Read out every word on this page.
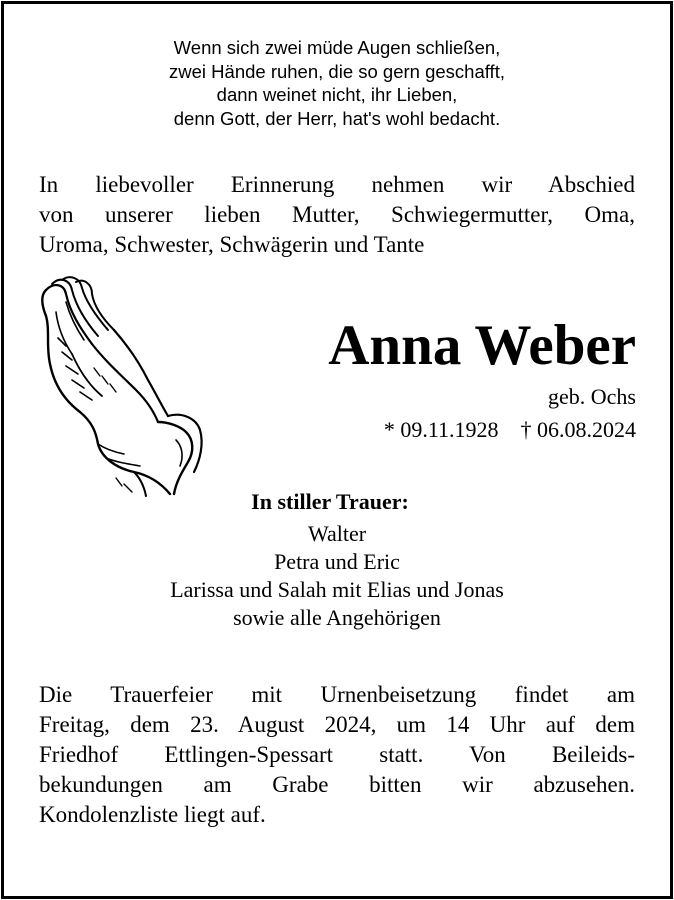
Wenn sich zwei müde Augen schließen,
zwei Hände ruhen, die so gern geschafft,
dann weinet nicht, ihr Lieben,
denn Gott, der Herr, hat's wohl bedacht.
In liebevoller Erinnerung nehmen wir Abschied
von unserer lieben Mutter, Schwiegermutter, Oma,
Uroma, Schwester, Schwägerin und Tante
Anna Weber
geb. Ochs
* 09.11.1928 † 06.08.2024
In stiller Trauer:
Walter
Petra und Eric
Larissa und Salah mit Elias und Jonas
sowie alle Angehörigen
Die Trauerfeier mit Urnenbeisetzung findet am
Freitag, dem 23. August 2024, um 14 Uhr auf dem
Friedhof Ettlingen-Spessart statt. Von Beileids-
bekundungen am Grabe bitten wir abzusehen.
Kondolenzliste liegt auf.
